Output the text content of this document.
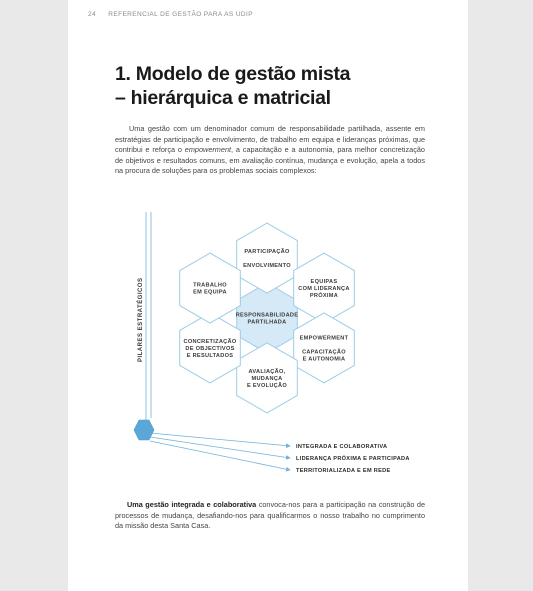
24 REFERENCIAL DE GESTÃO PARA AS UDIP
1. Modelo de gestão mista
– hierárquica e matricial
Uma gestão com um denominador comum de responsabilidade partilhada, assente em estratégias de participação e envolvimento, de trabalho em equipa e lideranças próximas, que contribui e reforça o empowerment, a capacitação e a autonomia, para melhor concretização de objetivos e resultados comuns, em avaliação contínua, mudança e evolução, apela a todos na procura de soluções para os problemas sociais complexos:
PILARES ESTRATÉGICOS	RESPONSABILIDADE
PARTILHADA
PARTICIPAÇÃO
ENVOLVIMENTO
EQUIPAS
COM LIDERANÇA
PRÓXIMA
EMPOWERMENT
CAPACITAÇÃO
E AUTONOMIA
AVALIAÇÃO,
MUDANÇA
E EVOLUÇÃO
CONCRETIZAÇÃO
DE OBJECTIVOS
E RESULTADOS
TRABALHO
EM EQUIPA
INTEGRADA E COLABORATIVA
LIDERANÇA PRÓXIMA E PARTICIPADA
TERRITORIALIZADA E EM REDE
Uma gestão integrada e colaborativa convoca-nos para a participação na construção de processos de mudança, desafiando-nos para qualificarmos o nosso trabalho no cumprimento da missão desta Santa Casa.
